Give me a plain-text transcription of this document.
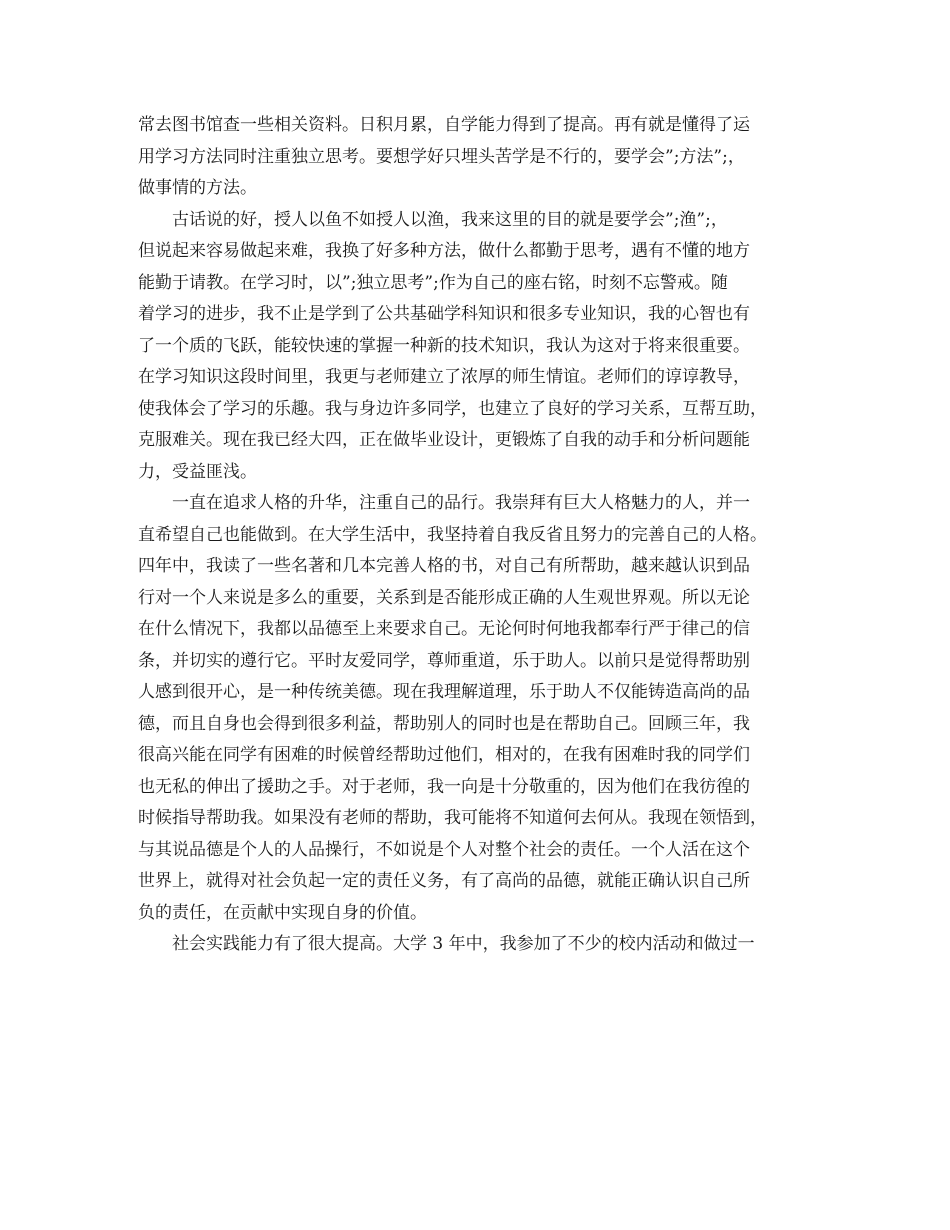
常去图书馆查一些相关资料。日积月累，自学能力得到了提高。再有就是懂得了运
用学习方法同时注重独立思考。要想学好只埋头苦学是不行的，要学会”;方法”;，
做事情的方法。
古话说的好，授人以鱼不如授人以渔，我来这里的目的就是要学会”;渔”;，
但说起来容易做起来难，我换了好多种方法，做什么都勤于思考，遇有不懂的地方
能勤于请教。在学习时，以”;独立思考”;作为自己的座右铭，时刻不忘警戒。随
着学习的进步，我不止是学到了公共基础学科知识和很多专业知识，我的心智也有
了一个质的飞跃，能较快速的掌握一种新的技术知识，我认为这对于将来很重要。
在学习知识这段时间里，我更与老师建立了浓厚的师生情谊。老师们的谆谆教导，
使我体会了学习的乐趣。我与身边许多同学，也建立了良好的学习关系，互帮互助，
克服难关。现在我已经大四，正在做毕业设计，更锻炼了自我的动手和分析问题能
力，受益匪浅。
一直在追求人格的升华，注重自己的品行。我崇拜有巨大人格魅力的人，并一
直希望自己也能做到。在大学生活中，我坚持着自我反省且努力的完善自己的人格。
四年中，我读了一些名著和几本完善人格的书，对自己有所帮助，越来越认识到品
行对一个人来说是多么的重要，关系到是否能形成正确的人生观世界观。所以无论
在什么情况下，我都以品德至上来要求自己。无论何时何地我都奉行严于律己的信
条，并切实的遵行它。平时友爱同学，尊师重道，乐于助人。以前只是觉得帮助别
人感到很开心，是一种传统美德。现在我理解道理，乐于助人不仅能铸造高尚的品
德，而且自身也会得到很多利益，帮助别人的同时也是在帮助自己。回顾三年，我
很高兴能在同学有困难的时候曾经帮助过他们，相对的，在我有困难时我的同学们
也无私的伸出了援助之手。对于老师，我一向是十分敬重的，因为他们在我彷徨的
时候指导帮助我。如果没有老师的帮助，我可能将不知道何去何从。我现在领悟到，
与其说品德是个人的人品操行，不如说是个人对整个社会的责任。一个人活在这个
世界上，就得对社会负起一定的责任义务，有了高尚的品德，就能正确认识自己所
负的责任，在贡献中实现自身的价值。
社会实践能力有了很大提高。大学 3 年中，我参加了不少的校内活动和做过一
